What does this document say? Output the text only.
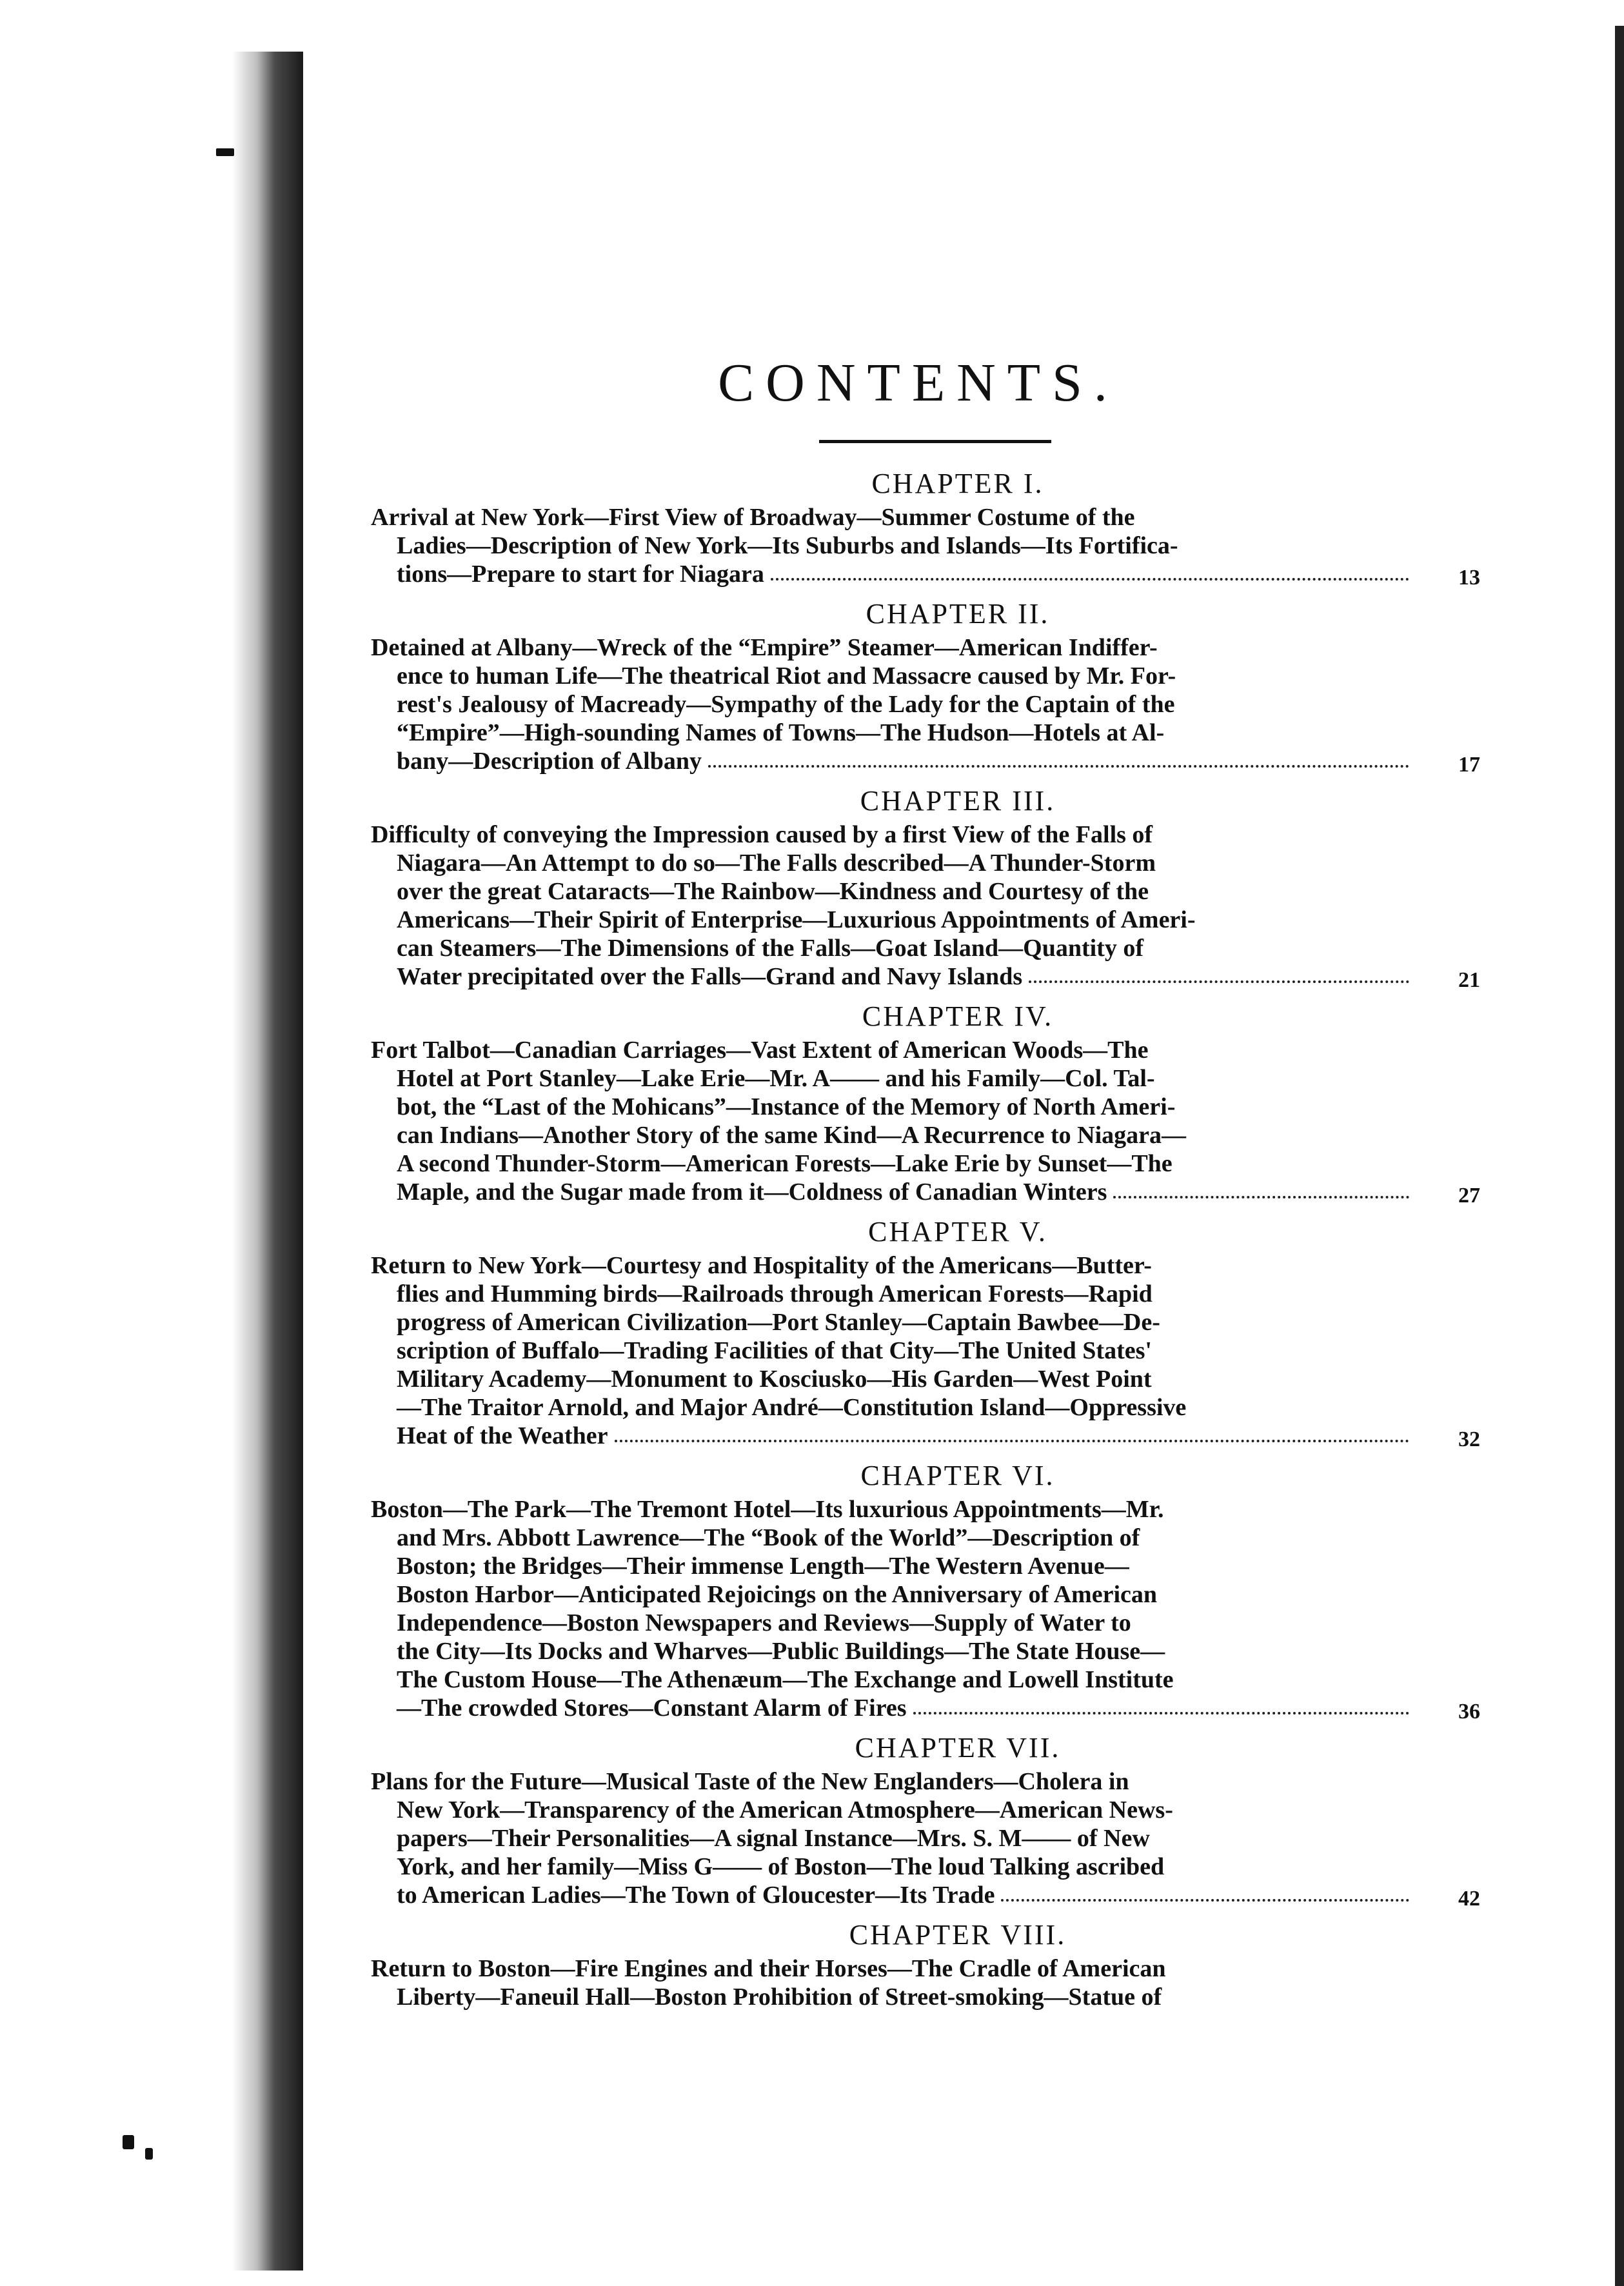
CONTENTS.
CHAPTER I.
Arrival at New York—First View of Broadway—Summer Costume of the
Ladies—Description of New York—Its Suburbs and Islands—Its Fortifica-
tions—Prepare to start for Niagara	13
CHAPTER II.
Detained at Albany—Wreck of the “Empire” Steamer—American Indiffer-
ence to human Life—The theatrical Riot and Massacre caused by Mr. For-
rest's Jealousy of Macready—Sympathy of the Lady for the Captain of the
“Empire”—High-sounding Names of Towns—The Hudson—Hotels at Al-
bany—Description of Albany	17
CHAPTER III.
Difficulty of conveying the Impression caused by a first View of the Falls of
Niagara—An Attempt to do so—The Falls described—A Thunder-Storm
over the great Cataracts—The Rainbow—Kindness and Courtesy of the
Americans—Their Spirit of Enterprise—Luxurious Appointments of Ameri-
can Steamers—The Dimensions of the Falls—Goat Island—Quantity of
Water precipitated over the Falls—Grand and Navy Islands	21
CHAPTER IV.
Fort Talbot—Canadian Carriages—Vast Extent of American Woods—The
Hotel at Port Stanley—Lake Erie—Mr. A—— and his Family—Col. Tal-
bot, the “Last of the Mohicans”—Instance of the Memory of North Ameri-
can Indians—Another Story of the same Kind—A Recurrence to Niagara—
A second Thunder-Storm—American Forests—Lake Erie by Sunset—The
Maple, and the Sugar made from it—Coldness of Canadian Winters	27
CHAPTER V.
Return to New York—Courtesy and Hospitality of the Americans—Butter-
flies and Humming birds—Railroads through American Forests—Rapid
progress of American Civilization—Port Stanley—Captain Bawbee—De-
scription of Buffalo—Trading Facilities of that City—The United States'
Military Academy—Monument to Kosciusko—His Garden—West Point
—The Traitor Arnold, and Major André—Constitution Island—Oppressive
Heat of the Weather	32
CHAPTER VI.
Boston—The Park—The Tremont Hotel—Its luxurious Appointments—Mr.
and Mrs. Abbott Lawrence—The “Book of the World”—Description of
Boston; the Bridges—Their immense Length—The Western Avenue—
Boston Harbor—Anticipated Rejoicings on the Anniversary of American
Independence—Boston Newspapers and Reviews—Supply of Water to
the City—Its Docks and Wharves—Public Buildings—The State House—
The Custom House—The Athenæum—The Exchange and Lowell Institute
—The crowded Stores—Constant Alarm of Fires	36
CHAPTER VII.
Plans for the Future—Musical Taste of the New Englanders—Cholera in
New York—Transparency of the American Atmosphere—American News-
papers—Their Personalities—A signal Instance—Mrs. S. M—— of New
York, and her family—Miss G—— of Boston—The loud Talking ascribed
to American Ladies—The Town of Gloucester—Its Trade	42
CHAPTER VIII.
Return to Boston—Fire Engines and their Horses—The Cradle of American
Liberty—Faneuil Hall—Boston Prohibition of Street-smoking—Statue of
